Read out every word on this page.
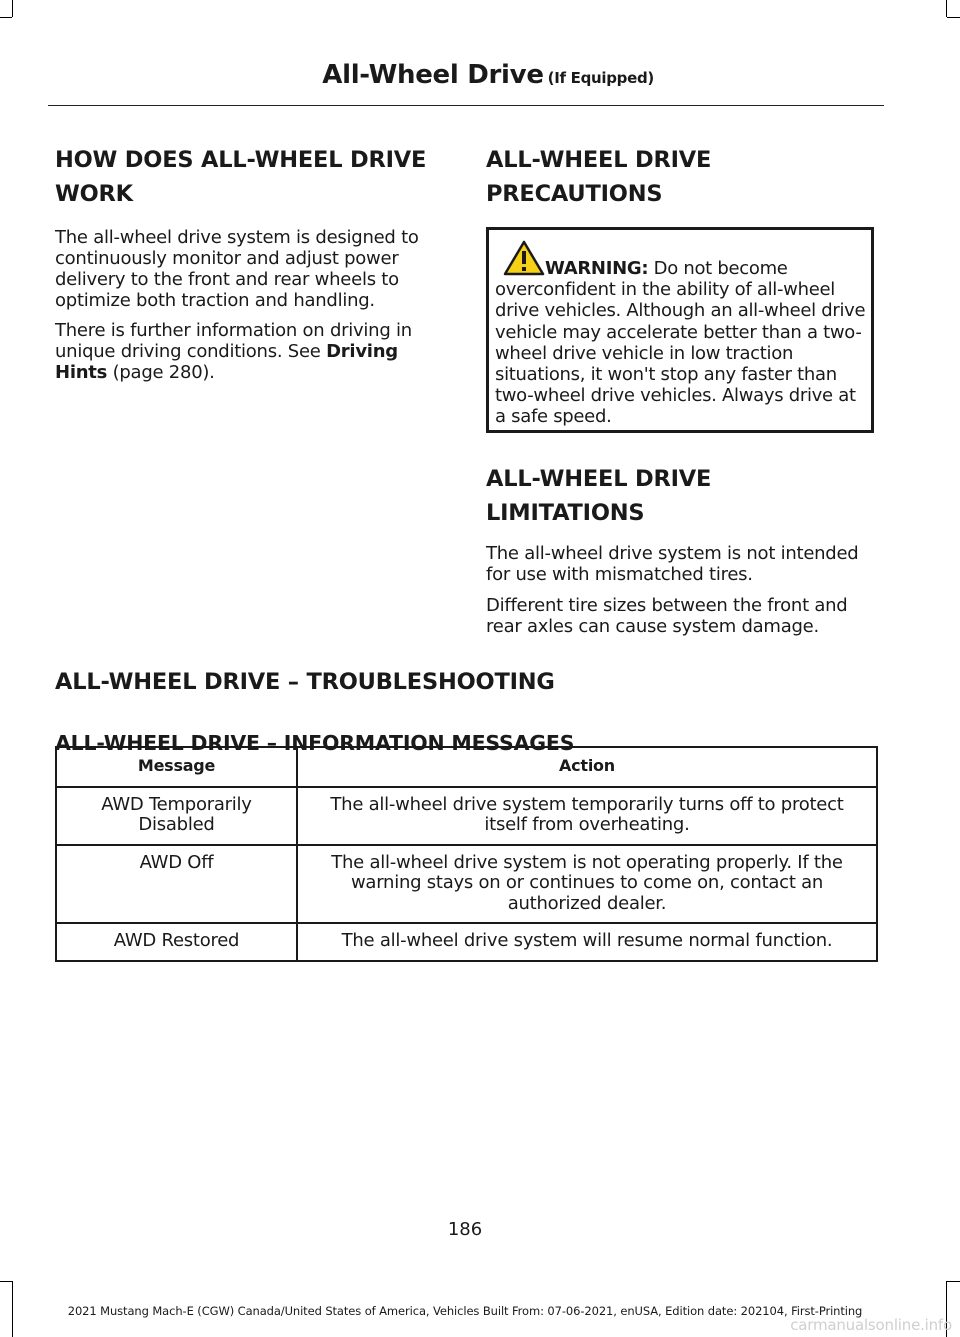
All-Wheel Drive (If Equipped)
HOW DOES ALL-WHEEL DRIVE
WORK
The all-wheel drive system is designed to continuously monitor and adjust power delivery to the front and rear wheels to optimize both traction and handling.
There is further information on driving in unique driving conditions. See Driving Hints (page 280).
ALL-WHEEL DRIVE
PRECAUTIONS
WARNING: Do not become overconfident in the ability of all-wheel drive vehicles. Although an all-wheel drive vehicle may accelerate better than a two-wheel drive vehicle in low traction situations, it won't stop any faster than two-wheel drive vehicles. Always drive at a safe speed.
ALL-WHEEL DRIVE
LIMITATIONS
The all-wheel drive system is not intended for use with mismatched tires.
Different tire sizes between the front and rear axles can cause system damage.
ALL-WHEEL DRIVE – TROUBLESHOOTING
ALL-WHEEL DRIVE – INFORMATION MESSAGES
Message	Action
AWD Temporarily Disabled	The all-wheel drive system temporarily turns off to protect itself from overheating.
AWD Off	The all-wheel drive system is not operating properly. If the warning stays on or continues to come on, contact an authorized dealer.
AWD Restored	The all-wheel drive system will resume normal function.
186
2021 Mustang Mach-E (CGW) Canada/United States of America, Vehicles Built From: 07-06-2021, enUSA, Edition date: 202104, First-Printing
carmanualsonline.info
